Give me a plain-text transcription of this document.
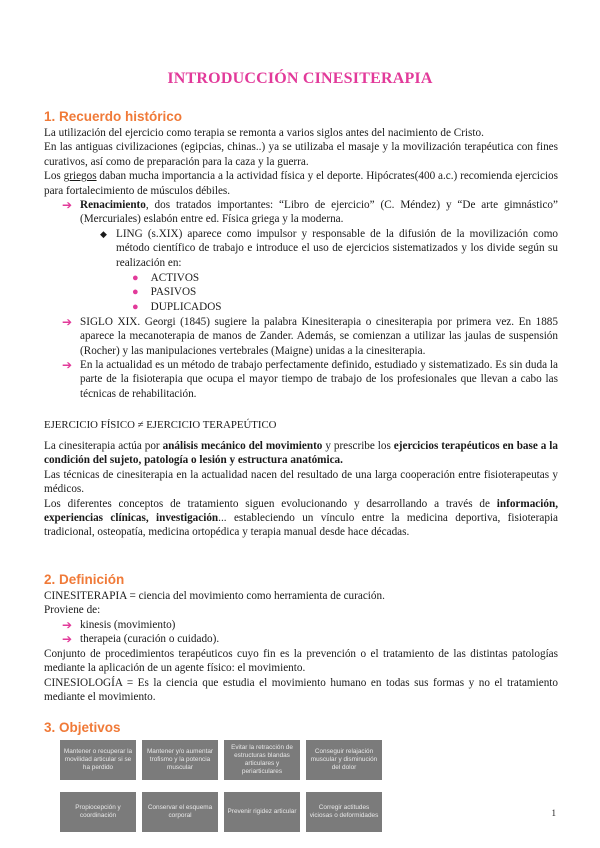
INTRODUCCIÓN CINESITERAPIA
1. Recuerdo histórico

La utilización del ejercicio como terapia se remonta a varios siglos antes del nacimiento de Cristo.

En las antiguas civilizaciones (egipcias, chinas..) ya se utilizaba el masaje y la movilización terapéutica con fines curativos, así como de preparación para la caza y la guerra.

Los griegos daban mucha importancia a la actividad física y el deporte. Hipócrates(400 a.c.) recomienda ejercicios para fortalecimiento de músculos débiles.

➔ Renacimiento, dos tratados importantes: “Libro de ejercicio” (C. Méndez) y “De arte gimnástico” (Mercuriales) eslabón entre ed. Física griega y la moderna.
◆ LING (s.XIX) aparece como impulsor y responsable de la difusión de la movilización como método científico de trabajo e introduce el uso de ejercicios sistematizados y los divide según su realización en:
● ACTIVOS
● PASIVOS
● DUPLICADOS
➔ SIGLO XIX. Georgi (1845) sugiere la palabra Kinesiterapia o cinesiterapia por primera vez. En 1885 aparece la mecanoterapia de manos de Zander. Además, se comienzan a utilizar las jaulas de suspensión (Rocher) y las manipulaciones vertebrales (Maigne) unidas a la cinesiterapia.
➔ En la actualidad es un método de trabajo perfectamente definido, estudiado y sistematizado. Es sin duda la parte de la fisioterapia que ocupa el mayor tiempo de trabajo de los profesionales que llevan a cabo las técnicas de rehabilitación.
EJERCICIO FÍSICO ≠ EJERCICIO TERAPEÚTICO

La cinesiterapia actúa por análisis mecánico del movimiento y prescribe los ejercicios terapéuticos en base a la condición del sujeto, patología o lesión y estructura anatómica.

Las técnicas de cinesiterapia en la actualidad nacen del resultado de una larga cooperación entre fisioterapeutas y médicos.

Los diferentes conceptos de tratamiento siguen evolucionando y desarrollando a través de información, experiencias clínicas, investigación... estableciendo un vínculo entre la medicina deportiva, fisioterapia tradicional, osteopatía, medicina ortopédica y terapia manual desde hace décadas.

2. Definición

CINESITERAPIA = ciencia del movimiento como herramienta de curación.

Proviene de:

➔ kinesis (movimiento)
➔ therapeia (curación o cuidado).

Conjunto de procedimientos terapéuticos cuyo fin es la prevención o el tratamiento de las distintas patologías mediante la aplicación de un agente físico: el movimiento.

CINESIOLOGÍA = Es la ciencia que estudia el movimiento humano en todas sus formas y no el tratamiento mediante el movimiento.

3. Objetivos
Mantener o recuperar la movilidad articular si se ha perdido
Mantener y/o aumentar trofismo y la potencia muscular
Evitar la retracción de estructuras blandas articulares y periarticulares
Conseguir relajación muscular y disminución del dolor
Propiocepción y coordinación
Conservar el esquema corporal
Prevenir rigidez articular
Corregir actitudes viciosas o deformidades	1
